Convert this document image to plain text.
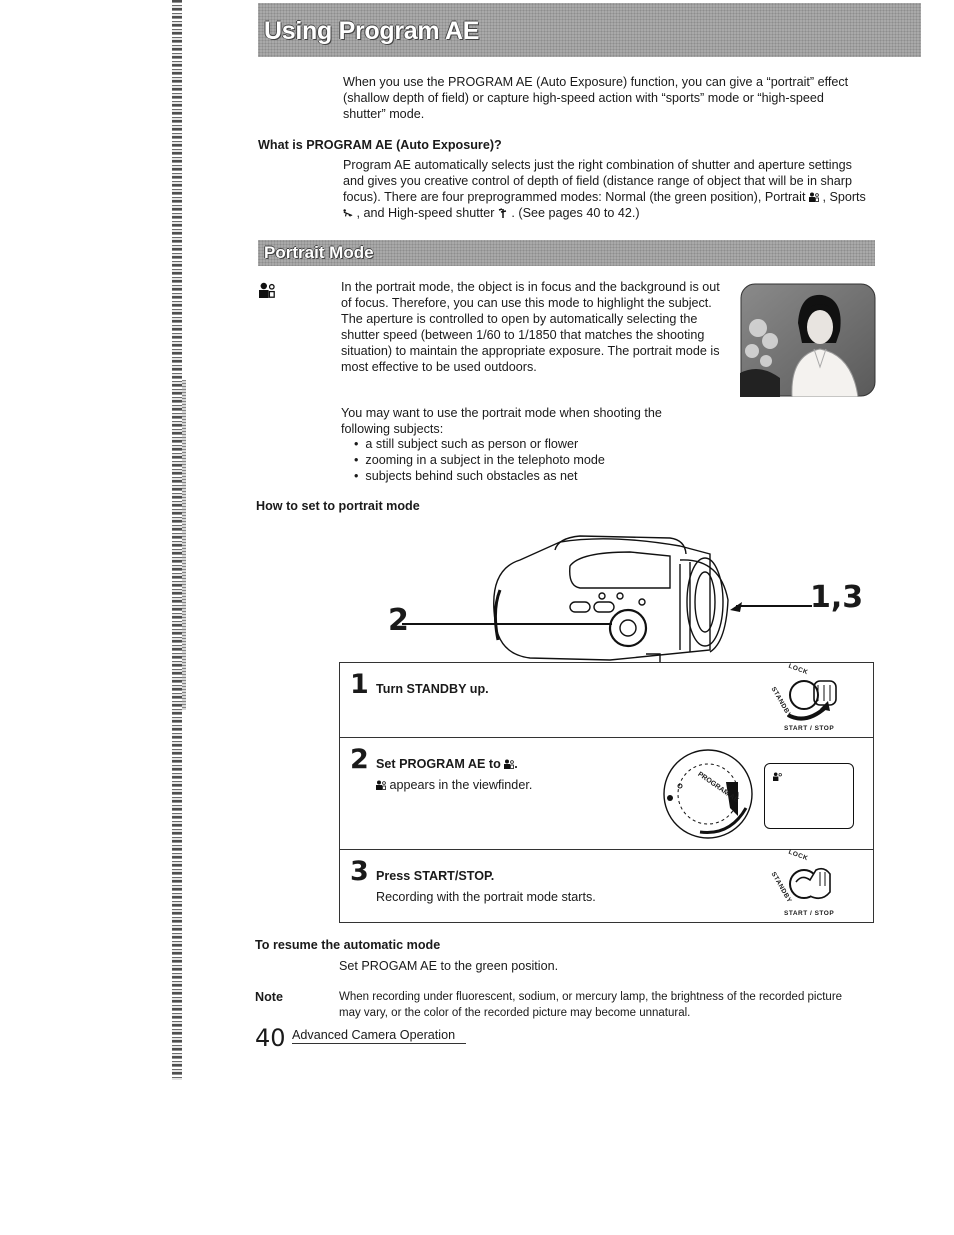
Using Program AE
When you use the PROGRAM AE (Auto Exposure) function, you can give a “portrait” effect (shallow depth of field) or capture high-speed action with “sports” mode or “high-speed shutter” mode.
What is PROGRAM AE (Auto Exposure)?
Program AE automatically selects just the right combination of shutter and aperture settings and gives you creative control of depth of field (distance range of object that will be in sharp focus). There are four preprogrammed modes: Normal (the green position), Portrait , Sports  , and High-speed shutter . (See pages 40 to 42.)
Portrait Mode
In the portrait mode, the object is in focus and the background is out of focus. Therefore, you can use this mode to highlight the subject. The aperture is controlled to open by automatically selecting the shutter speed (between 1/60 to 1/1850 that matches the shooting situation) to maintain the appropriate exposure. The portrait mode is most effective to be used outdoors.
You may want to use the portrait mode when shooting the following subjects:
•  a still subject such as person or flower
•  zooming in a subject in the telephoto mode
•  subjects behind such obstacles as net
How to set to portrait mode
2
1,3
1 Turn STANDBY up.
LOCK
STANDBY
START / STOP
2 Set PROGRAM AE to .
appears in the viewfinder.	PROGRAM AE
3 Press START/STOP.
Recording with the portrait mode starts.
LOCK
STANDBY
START / STOP
To resume the automatic mode
Set PROGAM AE to the green position.
Note	When recording under fluorescent, sodium, or mercury lamp, the brightness of the recorded picture may vary, or the color of the recorded picture may become unnatural.
40 Advanced Camera Operation
